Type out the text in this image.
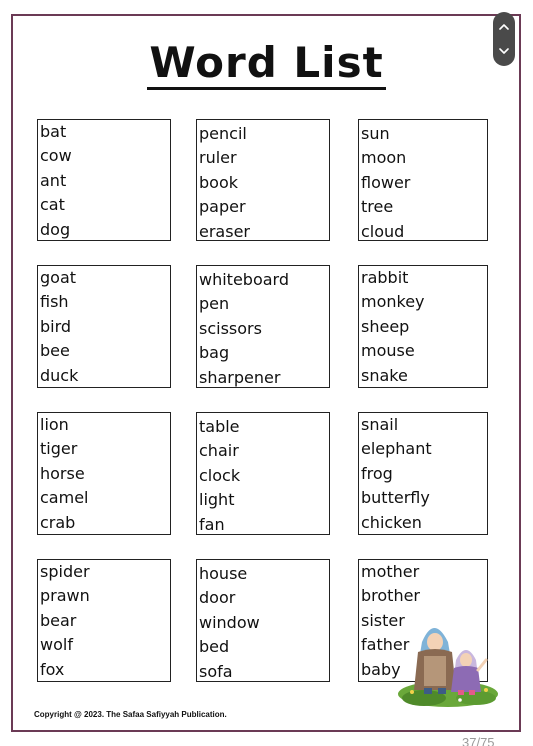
Word List
bat
cow
ant
cat
dog
pencil
ruler
book
paper
eraser
sun
moon
flower
tree
cloud
goat
fish
bird
bee
duck
whiteboard
pen
scissors
bag
sharpener
rabbit
monkey
sheep
mouse
snake
lion
tiger
horse
camel
crab
table
chair
clock
light
fan
snail
elephant
frog
butterfly
chicken
spider
prawn
bear
wolf
fox
house
door
window
bed
sofa
mother
brother
sister
father
baby
Copyright @ 2023. The Safaa Safiyyah Publication.
37/75
